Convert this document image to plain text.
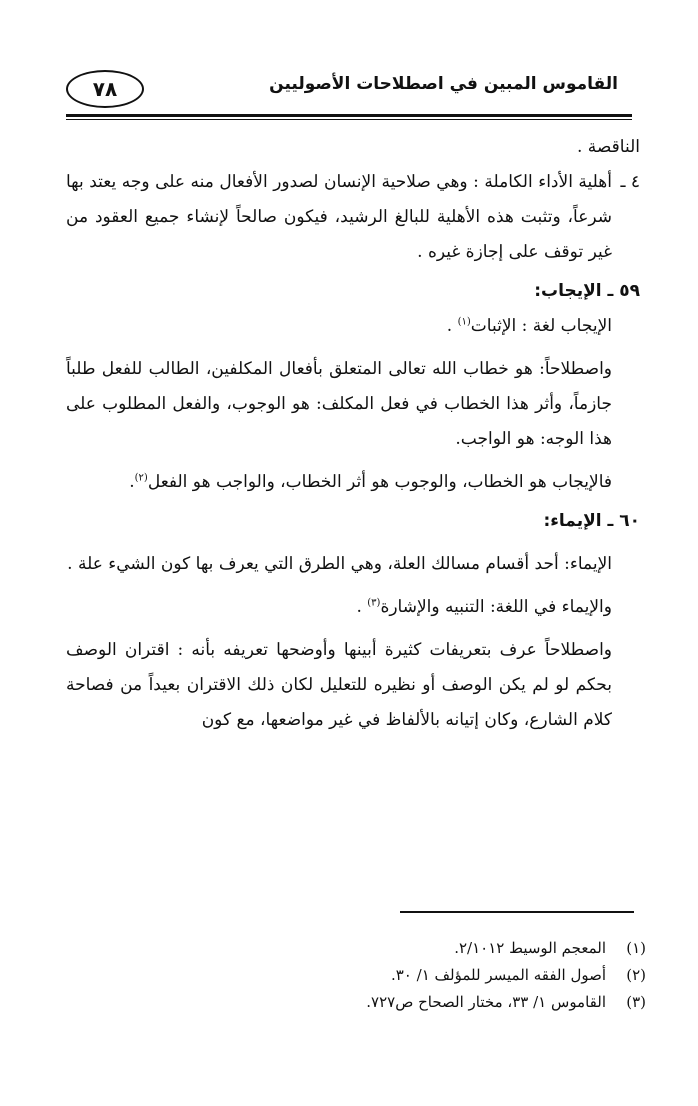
٧٨	القاموس المبين في اصطلاحات الأصوليين

الناقصة .

٤ ـ
أهلية الأداء الكاملة : وهي صلاحية الإنسان لصدور الأفعال منه على وجه يعتد بها شرعاً، وتثبت هذه الأهلية للبالغ الرشيد، فيكون صالحاً لإنشاء جميع العقود من غير توقف على إجازة غيره .

٥٩ ـ الإيجاب:

الإيجاب لغة : الإثبات$^{(١)}$ .

واصطلاحاً: هو خطاب الله تعالى المتعلق بأفعال المكلفين، الطالب للفعل طلباً جازماً، وأثر هذا الخطاب في فعل المكلف: هو الوجوب، والفعل المطلوب على هذا الوجه: هو الواجب.

فالإيجاب هو الخطاب، والوجوب هو أثر الخطاب، والواجب هو الفعل$^{(٢)}$.

٦٠ ـ الإيماء:

الإيماء: أحد أقسام مسالك العلة، وهي الطرق التي يعرف بها كون الشيء علة .

والإيماء في اللغة: التنبيه والإشارة$^{(٣)}$ .

واصطلاحاً عرف بتعريفات كثيرة أبينها وأوضحها تعريفه بأنه : اقتران الوصف بحكم لو لم يكن الوصف أو نظيره للتعليل لكان ذلك الاقتران بعيداً من فصاحة كلام الشارع، وكان إتيانه بالألفاظ في غير مواضعها، مع كون

(١)
المعجم الوسيط ٢/١٠١٢.
(٢)
أصول الفقه الميسر للمؤلف ١/ ٣٠.
(٣)
القاموس ١/ ٣٣، مختار الصحاح ص٧٢٧.
